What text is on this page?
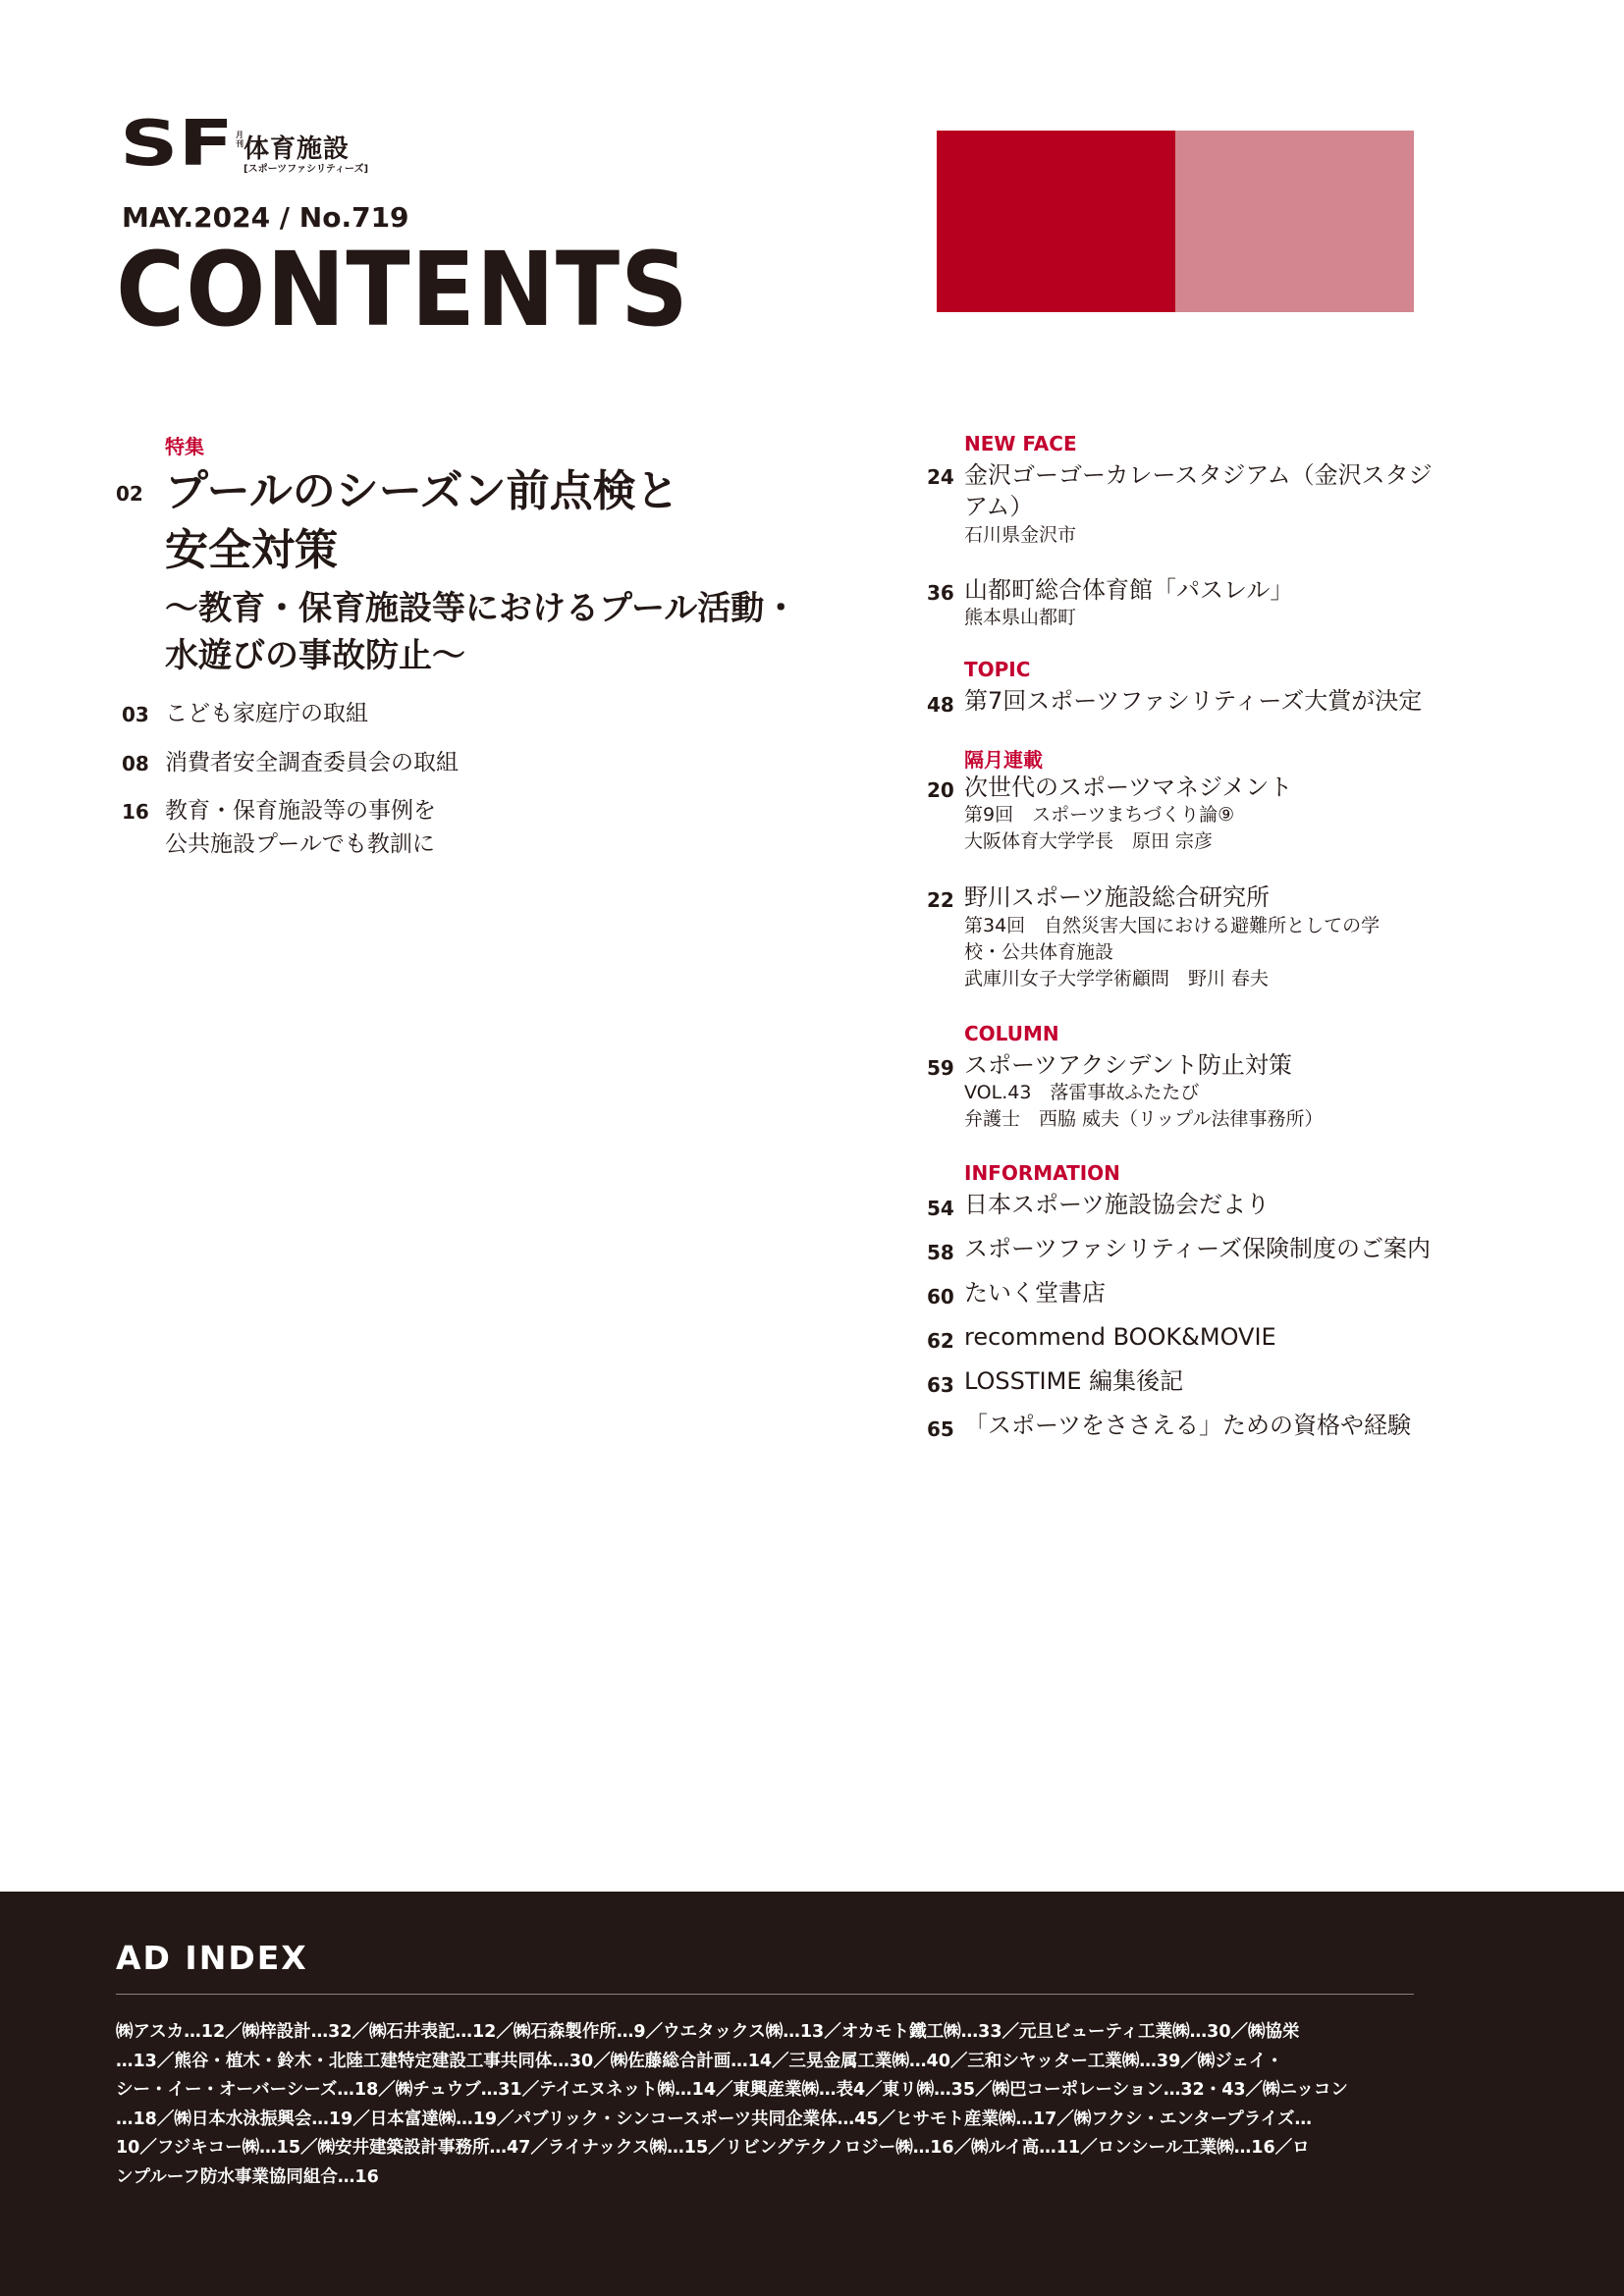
SF 月刊 体育施設
[スポーツファシリティーズ]
MAY.2024 / No.719
CONTENTS
特集
02 プールのシーズン前点検と
安全対策
～教育・保育施設等におけるプール活動・
水遊びの事故防止～
03 こども家庭庁の取組
08 消費者安全調査委員会の取組
16 教育・保育施設等の事例を
公共施設プールでも教訓に
NEW FACE
24 金沢ゴーゴーカレースタジアム（金沢スタジ
アム）
石川県金沢市
36 山都町総合体育館「パスレル」
熊本県山都町
TOPIC
48 第7回スポーツファシリティーズ大賞が決定
隔月連載
20 次世代のスポーツマネジメント
第9回　スポーツまちづくり論⑨
大阪体育大学学長　原田 宗彦
22 野川スポーツ施設総合研究所
第34回　自然災害大国における避難所としての学
校・公共体育施設
武庫川女子大学学術顧問　野川 春夫
COLUMN
59 スポーツアクシデント防止対策
VOL.43　落雷事故ふたたび
弁護士　西脇 威夫（リップル法律事務所）
INFORMATION
54 日本スポーツ施設協会だより
58 スポーツファシリティーズ保険制度のご案内
60 たいく堂書店
62 recommend BOOK&MOVIE
63 LOSSTIME 編集後記
65 「スポーツをささえる」ための資格や経験
AD INDEX
㈱アスカ…12／㈱梓設計…32／㈱石井表記…12／㈱石森製作所…9／ウエタックス㈱…13／オカモト鐵工㈱…33／元旦ビューティ工業㈱…30／㈱協栄
…13／熊谷・植木・鈴木・北陸工建特定建設工事共同体…30／㈱佐藤総合計画…14／三晃金属工業㈱…40／三和シヤッター工業㈱…39／㈱ジェイ・
シー・イー・オーバーシーズ…18／㈱チュウブ…31／テイエヌネット㈱…14／東興産業㈱…表4／東リ㈱…35／㈱巴コーポレーション…32・43／㈱ニッコン
…18／㈱日本水泳振興会…19／日本富達㈱…19／パブリック・シンコースポーツ共同企業体…45／ヒサモト産業㈱…17／㈱フクシ・エンタープライズ…
10／フジキコー㈱…15／㈱安井建築設計事務所…47／ライナックス㈱…15／リビングテクノロジー㈱…16／㈱ルイ高…11／ロンシール工業㈱…16／ロ
ンプルーフ防水事業協同組合…16
